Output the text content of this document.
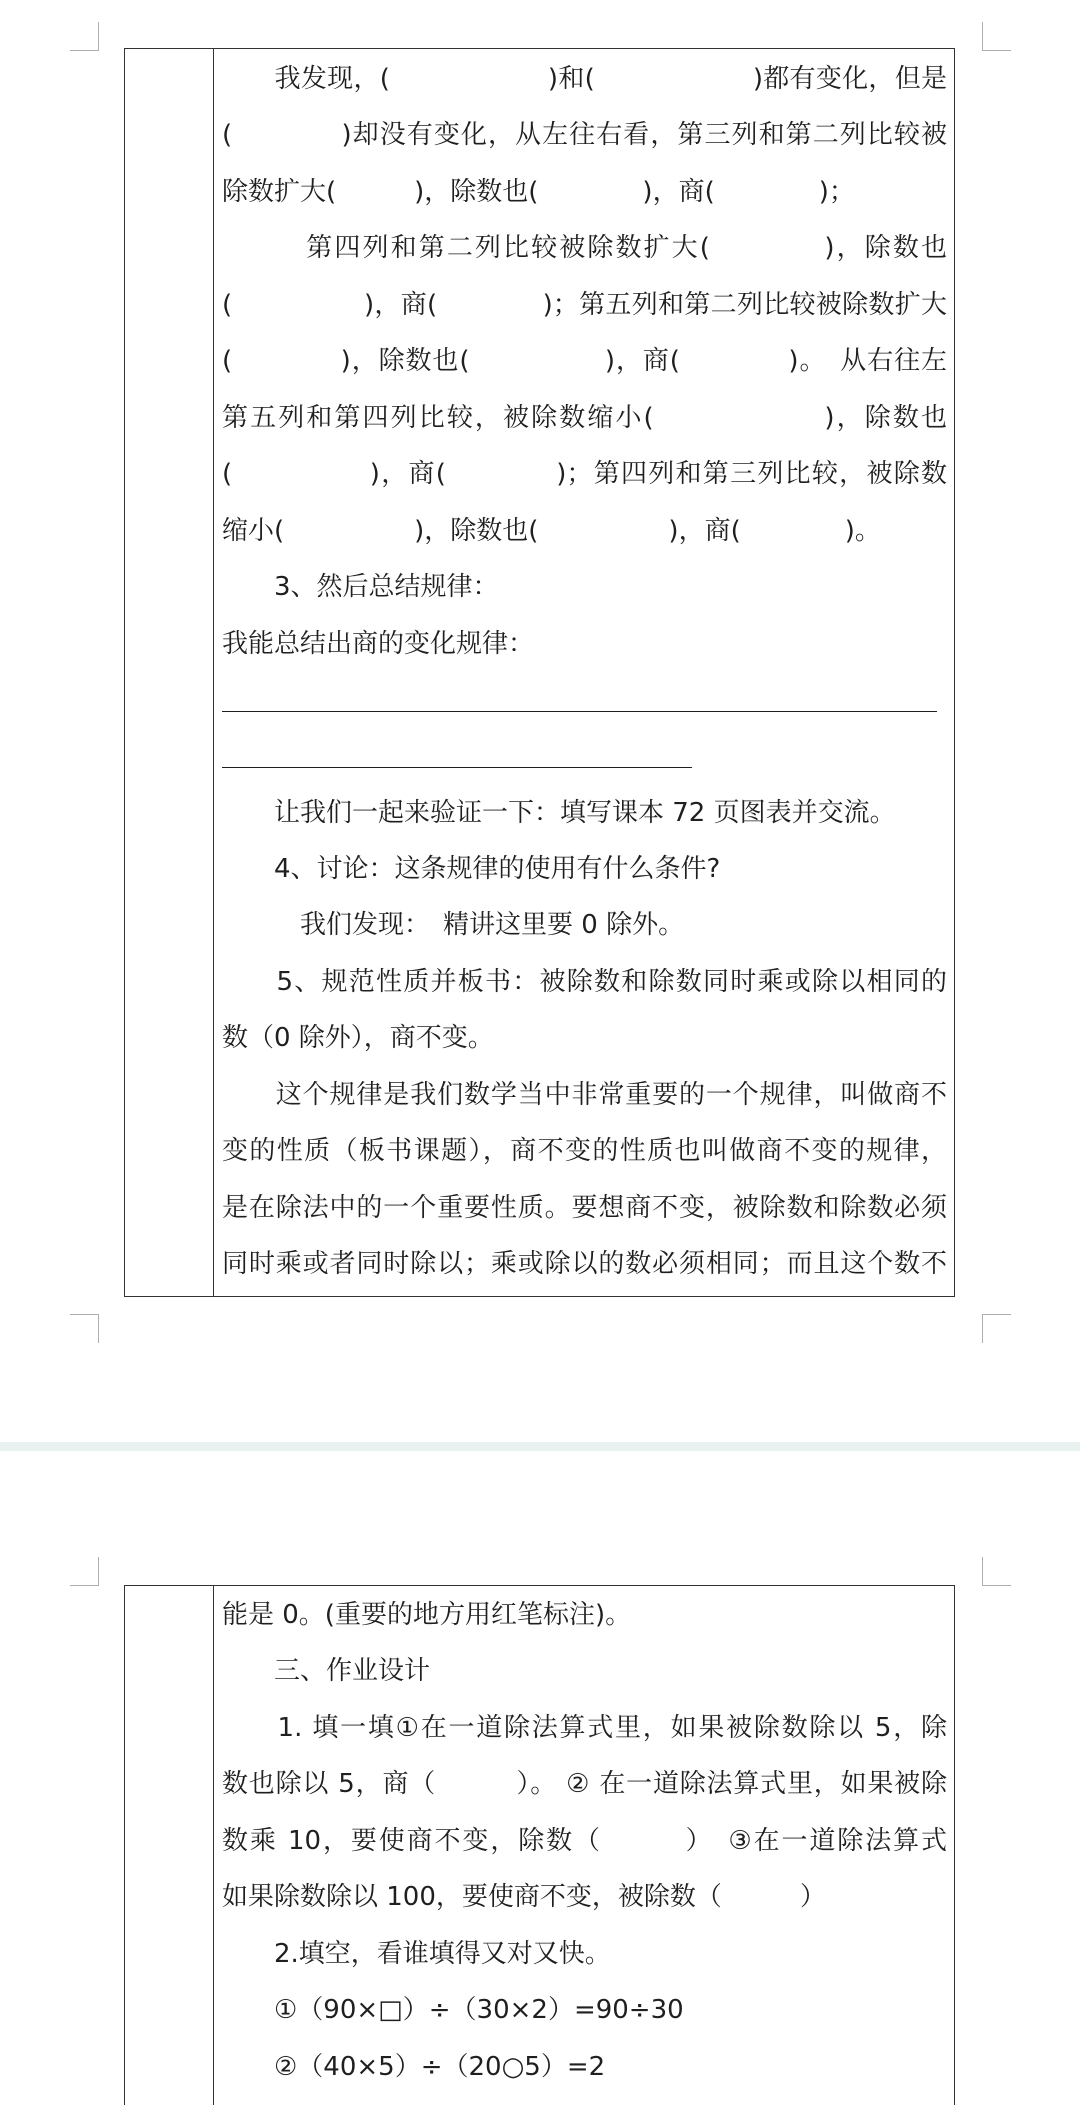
　　我发现，(　　　　　　)和(　　　　　　)都有变化，但是
(　　　　)却没有变化，从左往右看，第三列和第二列比较被
除数扩大(　　　)，除数也(　　　　)，商(　　　　)；
　　　第四列和第二列比较被除数扩大(　　　　)，除数也
(　　　　　)，商(　　　　)；第五列和第二列比较被除数扩大
(　　　　)，除数也(　　　　　)，商(　　　　)。　从右往左
第五列和第四列比较，被除数缩小(　　　　　　)，除数也
(　　　　　)，商(　　　　)；第四列和第三列比较，被除数
缩小(　　　　　)，除数也(　　　　　)，商(　　　　)。
　　3、然后总结规律：
我能总结出商的变化规律：
　　让我们一起来验证一下：填写课本 72 页图表并交流。
　　4、讨论：这条规律的使用有什么条件?
　　　我们发现：　精讲这里要 0 除外。
　　5、规范性质并板书：被除数和除数同时乘或除以相同的
数（0 除外），商不变。
　　这个规律是我们数学当中非常重要的一个规律，叫做商不
变的性质（板书课题），商不变的性质也叫做商不变的规律，
是在除法中的一个重要性质。要想商不变，被除数和除数必须
同时乘或者同时除以；乘或除以的数必须相同；而且这个数不
能是 0。(重要的地方用红笔标注)。
　　三、作业设计
　　1. 填一填①在一道除法算式里，如果被除数除以 5，除
数也除以 5，商（　　　）。 ② 在一道除法算式里，如果被除
数乘 10，要使商不变，除数（　　　）　③在一道除法算式
如果除数除以 100，要使商不变，被除数（　　　）
　　2.填空，看谁填得又对又快。
　　①（90×□）÷（30×2）=90÷30
　　②（40×5）÷（20○5）=2
